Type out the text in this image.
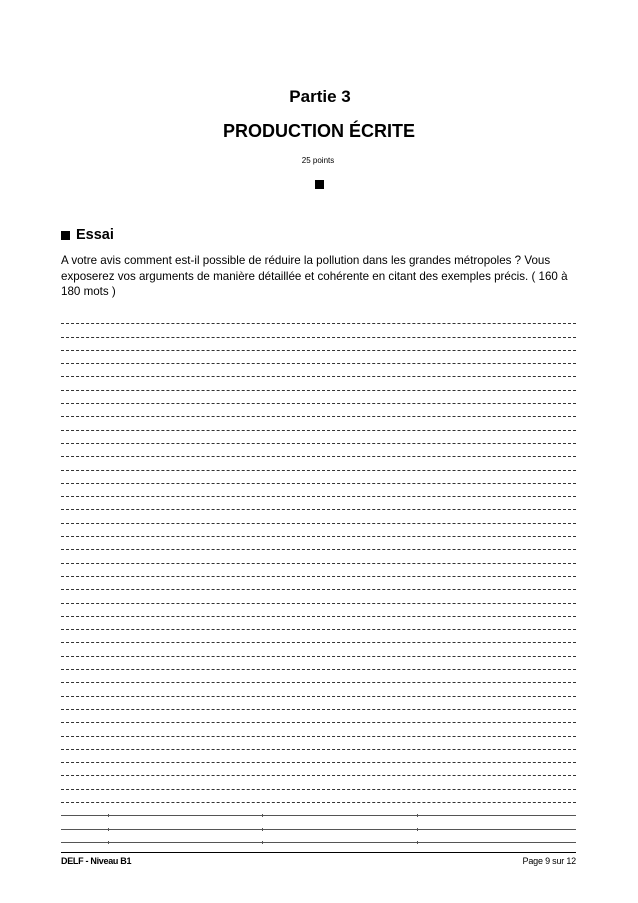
Partie 3
PRODUCTION ÉCRITE
25 points
Essai
A votre avis comment est-il possible de réduire la pollution dans les grandes métropoles ? Vous exposerez vos arguments de manière détaillée et cohérente en citant des exemples précis. ( 160 à 180 mots )
DELF - Niveau B1	Page 9 sur 12
